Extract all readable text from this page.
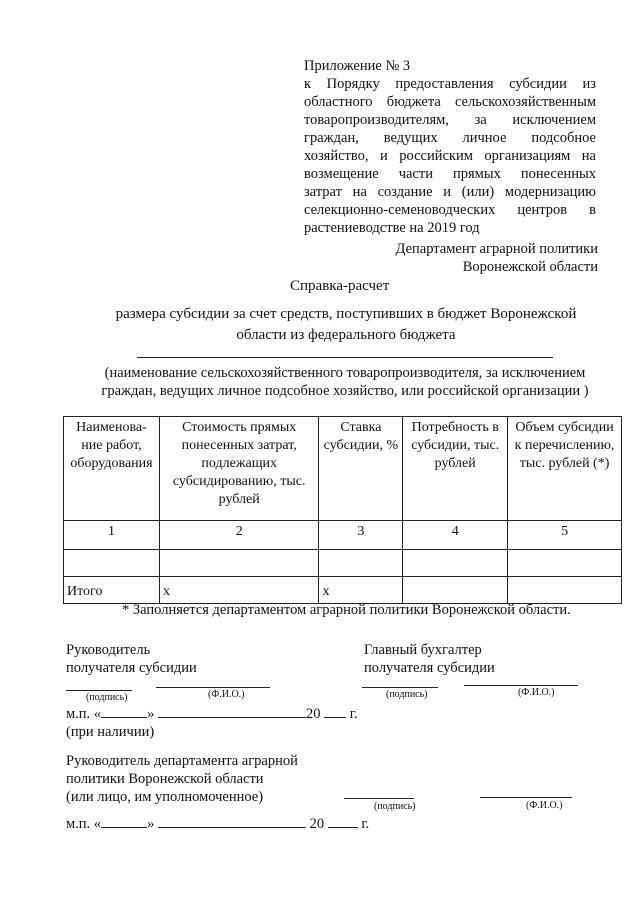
Приложение № 3
к Порядку предоставления субсидии из
областного бюджета сельскохозяйственным
товаропроизводителям, за исключением
граждан, ведущих личное подсобное
хозяйство, и российским организациям на
возмещение части прямых понесенных
затрат на создание и (или) модернизацию
селекционно-семеноводческих центров в
растениеводстве на 2019 год
Департамент аграрной политики
Воронежской области
Справка-расчет
размера субсидии за счет средств, поступивших в бюджет Воронежской области из федерального бюджета
(наименование сельскохозяйственного товаропроизводителя, за исключением граждан, ведущих личное подсобное хозяйство, или российской организации )
Наименова-ние работ, оборудования	Стоимость прямых понесенных затрат, подлежащих субсидированию, тыс. рублей	Ставка субсидии, %	Потребность в субсидии, тыс. рублей	Объем субсидии к перечислению, тыс. рублей (*)
1	2	3	4	5

Итого	х	х		
* Заполняется департаментом аграрной политики Воронежской области.
Руководитель
получателя субсидии
Главный бухгалтер
получателя субсидии
(подпись)	(Ф.И.О.)	(подпись)	(Ф.И.О.)
м.п. «	»	20 г.
(при наличии)
Руководитель департамента аграрной
политики Воронежской области
(или лицо, им уполномоченное)
(подпись)	(Ф.И.О.)
м.п. «	»	20	г.
